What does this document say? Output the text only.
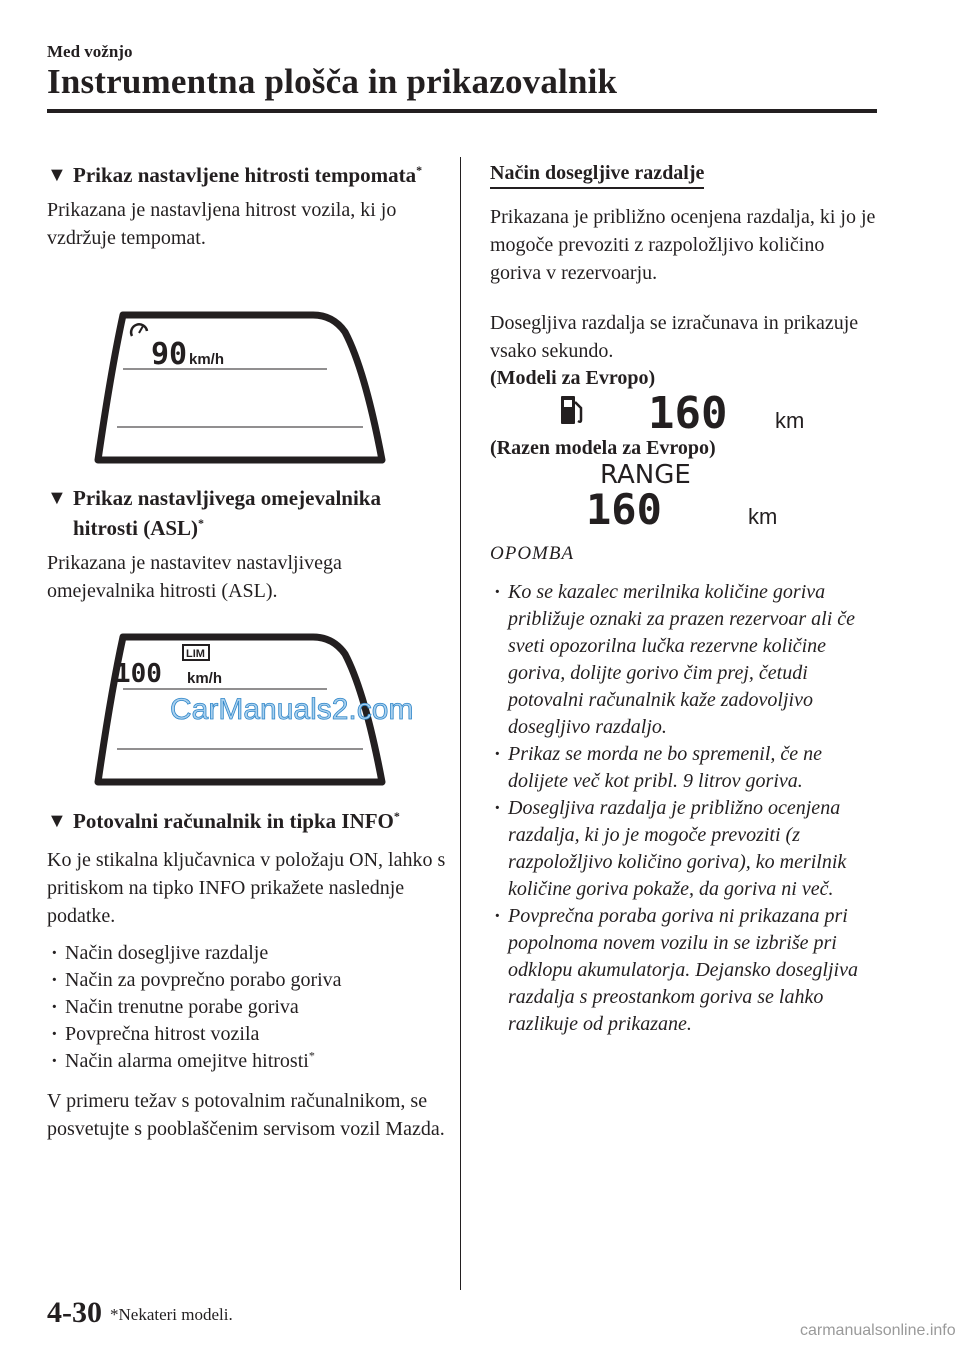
Med vožnjo
Instrumentna plošča in prikazovalnik
▼ Prikaz nastavljene hitrosti tempomata*
Prikazana je nastavljena hitrost vozila, ki jo vzdržuje tempomat.
90 km/h
▼ Prikaz nastavljivega omejevalnika hitrosti (ASL)*
Prikazana je nastavitev nastavljivega omejevalnika hitrosti (ASL).
LIM
100 km/h
CarManuals2.com
▼ Potovalni računalnik in tipka INFO*
Ko je stikalna ključavnica v položaju ON, lahko s pritiskom na tipko INFO prikažete naslednje podatke.
· Način dosegljive razdalje
· Način za povprečno porabo goriva
· Način trenutne porabe goriva
· Povprečna hitrost vozila
· Način alarma omejitve hitrosti*
V primeru težav s potovalnim računalnikom, se posvetujte s pooblaščenim servisom vozil Mazda.
Način dosegljive razdalje
Prikazana je približno ocenjena razdalja, ki jo je mogoče prevoziti z razpoložljivo količino goriva v rezervoarju.
Dosegljiva razdalja se izračunava in prikazuje vsako sekundo.
(Modeli za Evropo)
160 km
(Razen modela za Evropo)
RANGE
160	km
OPOMBA
· Ko se kazalec merilnika količine goriva približuje oznaki za prazen rezervoar ali če sveti opozorilna lučka rezervne količine goriva, dolijte gorivo čim prej, četudi potovalni računalnik kaže zadovoljivo dosegljivo razdaljo.
· Prikaz se morda ne bo spremenil, če ne dolijete več kot pribl. 9 litrov goriva.
· Dosegljiva razdalja je približno ocenjena razdalja, ki jo je mogoče prevoziti (z razpoložljivo količino goriva), ko merilnik količine goriva pokaže, da goriva ni več.
· Povprečna poraba goriva ni prikazana pri popolnoma novem vozilu in se izbriše pri odklopu akumulatorja. Dejansko dosegljiva razdalja s preostankom goriva se lahko razlikuje od prikazane.
4-30 *Nekateri modeli.
carmanualsonline.info
